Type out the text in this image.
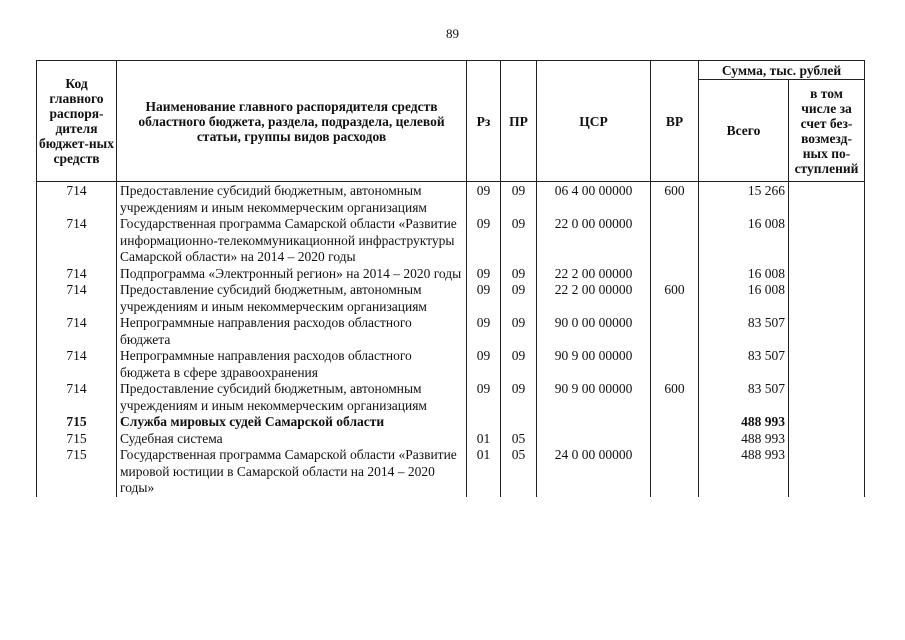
89
Код главного распоря-дителя бюджет-ных средств	Наименование главного распорядителя средств областного бюджета, раздела, подраздела, целевой статьи, группы видов расходов	Рз	ПР	ЦСР	ВР	Сумма, тыс. рублей	
						Всего	в том числе за счет без-возмезд-ных по-ступлений
714	Предоставление субсидий бюджетным, автономным учреждениям и иным некоммерческим организациям	09	09	06 4 00 00000	600	15 266	
714	Государственная программа Самарской области «Развитие информационно-телекоммуникационной инфраструктуры Самарской области» на 2014 – 2020 годы	09	09	22 0 00 00000		16 008	
714	Подпрограмма «Электронный регион» на 2014 – 2020 годы	09	09	22 2 00 00000		16 008	
714	Предоставление субсидий бюджетным, автономным учреждениям и иным некоммерческим организациям	09	09	22 2 00 00000	600	16 008	
714	Непрограммные направления расходов областного бюджета	09	09	90 0 00 00000		83 507	
714	Непрограммные направления расходов областного бюджета в сфере здравоохранения	09	09	90 9 00 00000		83 507	
714	Предоставление субсидий бюджетным, автономным учреждениям и иным некоммерческим организациям	09	09	90 9 00 00000	600	83 507	
715	Служба мировых судей Самарской области					488 993	
715	Судебная система	01	05			488 993	
715	Государственная программа Самарской области «Развитие мировой юстиции в Самарской области на 2014 – 2020 годы»	01	05	24 0 00 00000		488 993	
